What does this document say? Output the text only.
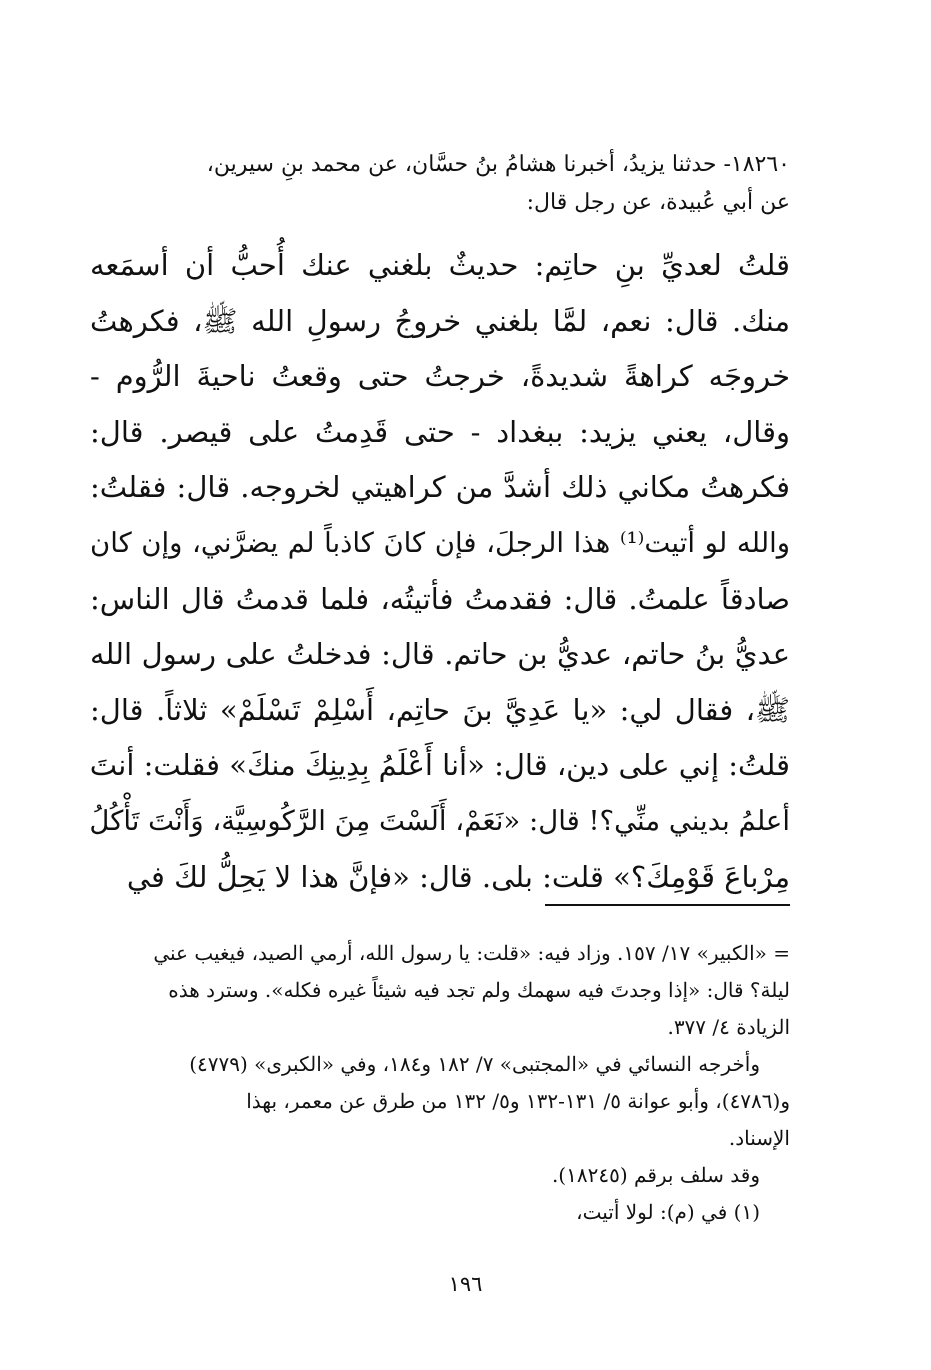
١٨٢٦٠- حدثنا يزيدُ، أخبرنا هشامُ بنُ حسَّان، عن محمد بنِ سيرين،

عن أبي عُبيدة، عن رجل قال:

قلتُ لعديِّ بنِ حاتِم: حديثٌ بلغني عنك أُحبُّ أن أسمَعه

منك. قال: نعم، لمَّا بلغني خروجُ رسولِ الله ﷺ، فكرهتُ

خروجَه كراهةً شديدةً، خرجتُ حتى وقعتُ ناحيةَ الرُّوم -

وقال، يعني يزيد: ببغداد - حتى قَدِمتُ على قيصر. قال:

فكرهتُ مكاني ذلك أشدَّ من كراهيتي لخروجه. قال: فقلتُ:

والله لو أتيت⁽¹⁾ هذا الرجلَ، فإن كانَ كاذباً لم يضرَّني، وإن كان

صادقاً علمتُ. قال: فقدمتُ فأتيتُه، فلما قدمتُ قال الناس:

عديُّ بنُ حاتم، عديُّ بن حاتم. قال: فدخلتُ على رسول الله

ﷺ، فقال لي: «يا عَدِيَّ بنَ حاتِم، أَسْلِمْ تَسْلَمْ» ثلاثاً. قال:

قلتُ: إني على دين، قال: «أنا أَعْلَمُ بِدِينِكَ منكَ» فقلت: أنتَ

أعلمُ بديني منِّي؟! قال: «نَعَمْ، أَلَسْتَ مِنَ الرَّكُوسِيَّة، وَأَنْتَ تَأْكُلُ

مِرْباعَ قَوْمِكَ؟» قلت: بلى. قال: «فإنَّ هذا لا يَحِلُّ لكَ في

= «الكبير» ١٧/ ١٥٧. وزاد فيه: «قلت: يا رسول الله، أرمي الصيد، فيغيب عني

ليلة؟ قال: «إذا وجدتَ فيه سهمك ولم تجد فيه شيئاً غيره فكله». وسترد هذه

الزيادة ٤/ ٣٧٧.

وأخرجه النسائي في «المجتبى» ٧/ ١٨٢ و١٨٤، وفي «الكبرى» (٤٧٧٩)

و(٤٧٨٦)، وأبو عوانة ٥/ ١٣١-١٣٢ و٥/ ١٣٢ من طرق عن معمر، بهذا

الإسناد.

وقد سلف برقم (١٨٢٤٥).

(١) في (م): لولا أتيت،

١٩٦
